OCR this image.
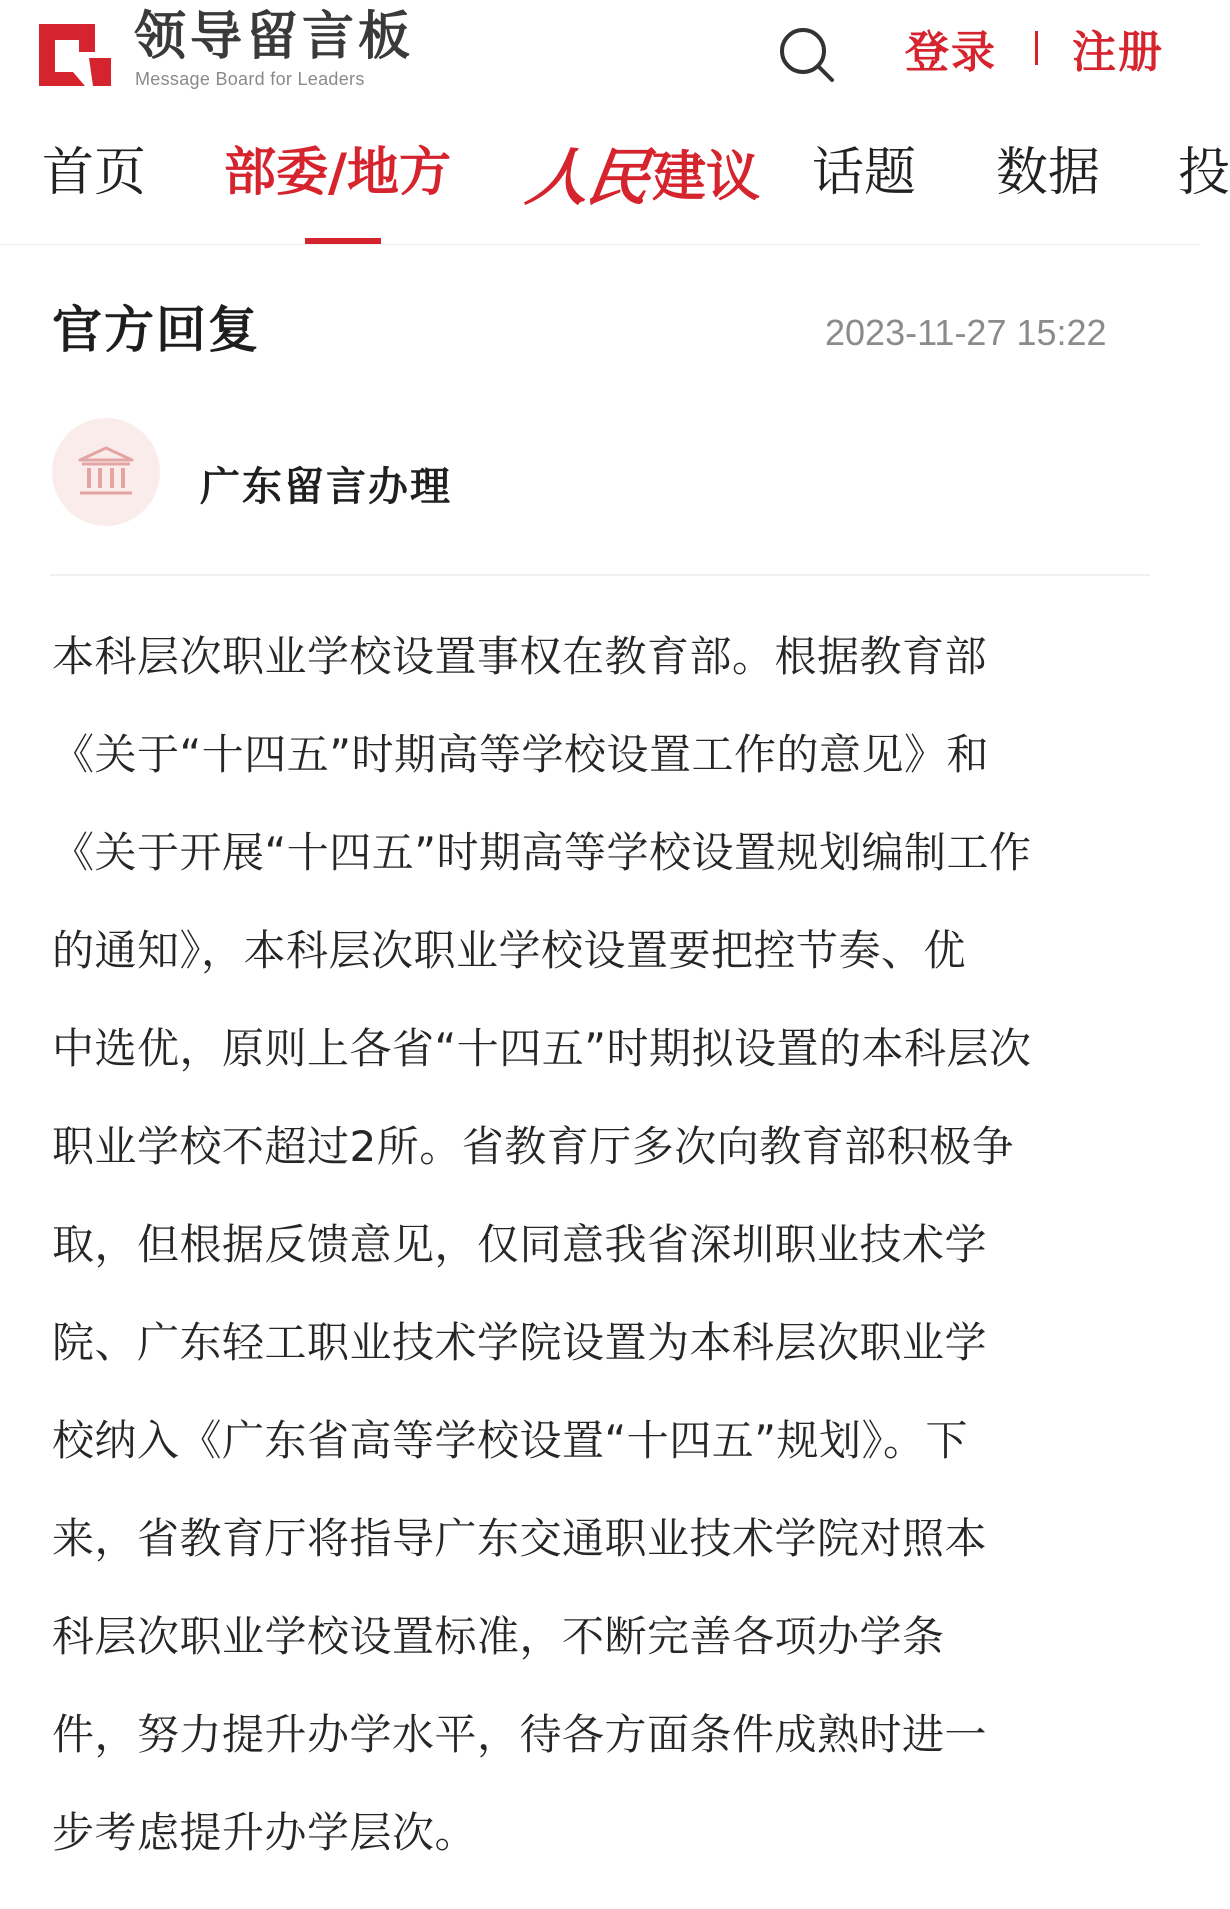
领导留言板
Message Board for Leaders
登录 注册
首页 部委/地方 人民 建议 话题 数据 投
官方回复	2023-11-27 15:22
广东留言办理
本科层次职业学校设置事权在教育部。根据教育部
《关于“十四五”时期高等学校设置工作的意见》和
《关于开展“十四五”时期高等学校设置规划编制工作
的通知》，本科层次职业学校设置要把控节奏、优
中选优，原则上各省“十四五”时期拟设置的本科层次
职业学校不超过2所。省教育厅多次向教育部积极争
取，但根据反馈意见，仅同意我省深圳职业技术学
院、广东轻工职业技术学院设置为本科层次职业学
校纳入《广东省高等学校设置“十四五”规划》。下
来，省教育厅将指导广东交通职业技术学院对照本
科层次职业学校设置标准，不断完善各项办学条
件，努力提升办学水平，待各方面条件成熟时进一
步考虑提升办学层次。
